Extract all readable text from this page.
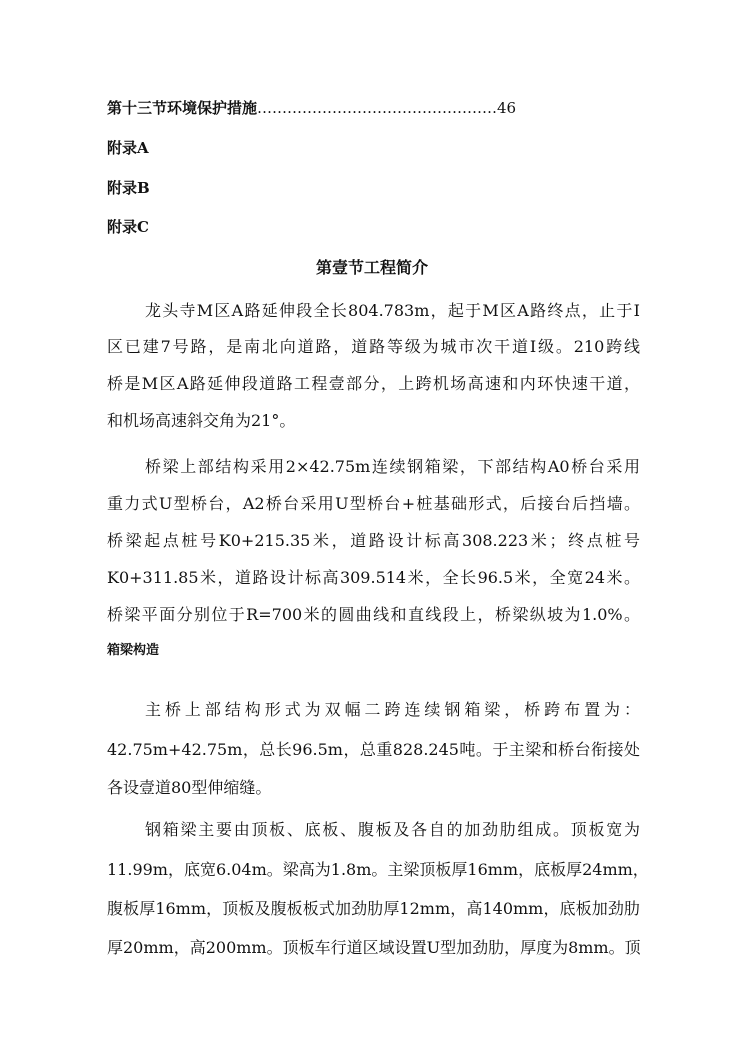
第十三节环境保护措施…………………………………………46
附录A
附录B
附录C
第壹节工程简介
龙头寺M区A路延伸段全长804.783m，起于M区A路终点，止于I
区已建7号路，是南北向道路，道路等级为城市次干道I级。210跨线
桥是M区A路延伸段道路工程壹部分，上跨机场高速和内环快速干道，
和机场高速斜交角为21°。
桥梁上部结构采用2×42.75m连续钢箱梁，下部结构A0桥台采用
重力式U型桥台，A2桥台采用U型桥台+桩基础形式，后接台后挡墙。
桥梁起点桩号K0+215.35米，道路设计标高308.223米；终点桩号
K0+311.85米，道路设计标高309.514米，全长96.5米，全宽24米。
桥梁平面分别位于R=700米的圆曲线和直线段上，桥梁纵坡为1.0%。
箱梁构造
主桥上部结构形式为双幅二跨连续钢箱梁，桥跨布置为：
42.75m+42.75m，总长96.5m，总重828.245吨。于主梁和桥台衔接处
各设壹道80型伸缩缝。
钢箱梁主要由顶板、底板、腹板及各自的加劲肋组成。顶板宽为
11.99m，底宽6.04m。梁高为1.8m。主梁顶板厚16mm，底板厚24mm，
腹板厚16mm，顶板及腹板板式加劲肋厚12mm，高140mm，底板加劲肋
厚20mm，高200mm。顶板车行道区域设置U型加劲肋，厚度为8mm。顶
